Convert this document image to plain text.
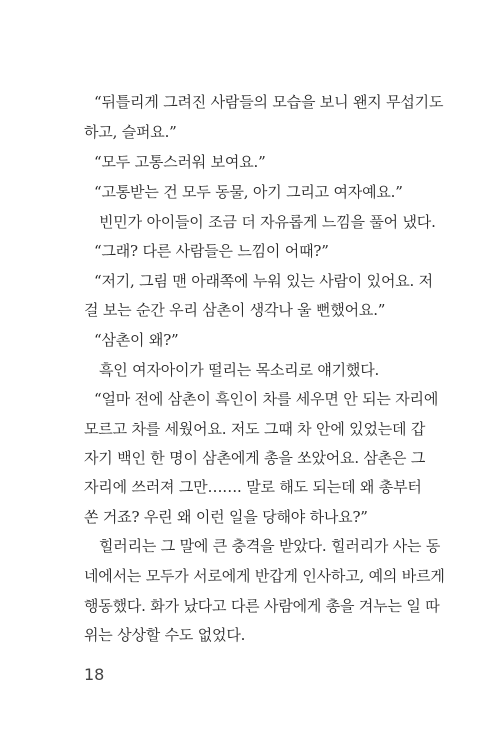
“뒤틀리게 그려진 사람들의 모습을 보니 왠지 무섭기도
하고, 슬퍼요.”
“모두 고통스러워 보여요.”
“고통받는 건 모두 동물, 아기 그리고 여자예요.”
빈민가 아이들이 조금 더 자유롭게 느낌을 풀어 냈다.
“그래? 다른 사람들은 느낌이 어때?”
“저기, 그림 맨 아래쪽에 누워 있는 사람이 있어요. 저
걸 보는 순간 우리 삼촌이 생각나 울 뻔했어요.”
“삼촌이 왜?”
흑인 여자아이가 떨리는 목소리로 얘기했다.
“얼마 전에 삼촌이 흑인이 차를 세우면 안 되는 자리에
모르고 차를 세웠어요. 저도 그때 차 안에 있었는데 갑
자기 백인 한 명이 삼촌에게 총을 쏘았어요. 삼촌은 그
자리에 쓰러져 그만……. 말로 해도 되는데 왜 총부터
쏜 거죠? 우린 왜 이런 일을 당해야 하나요?”
힐러리는 그 말에 큰 충격을 받았다. 힐러리가 사는 동
네에서는 모두가 서로에게 반갑게 인사하고, 예의 바르게
행동했다. 화가 났다고 다른 사람에게 총을 겨누는 일 따
위는 상상할 수도 없었다.
18
